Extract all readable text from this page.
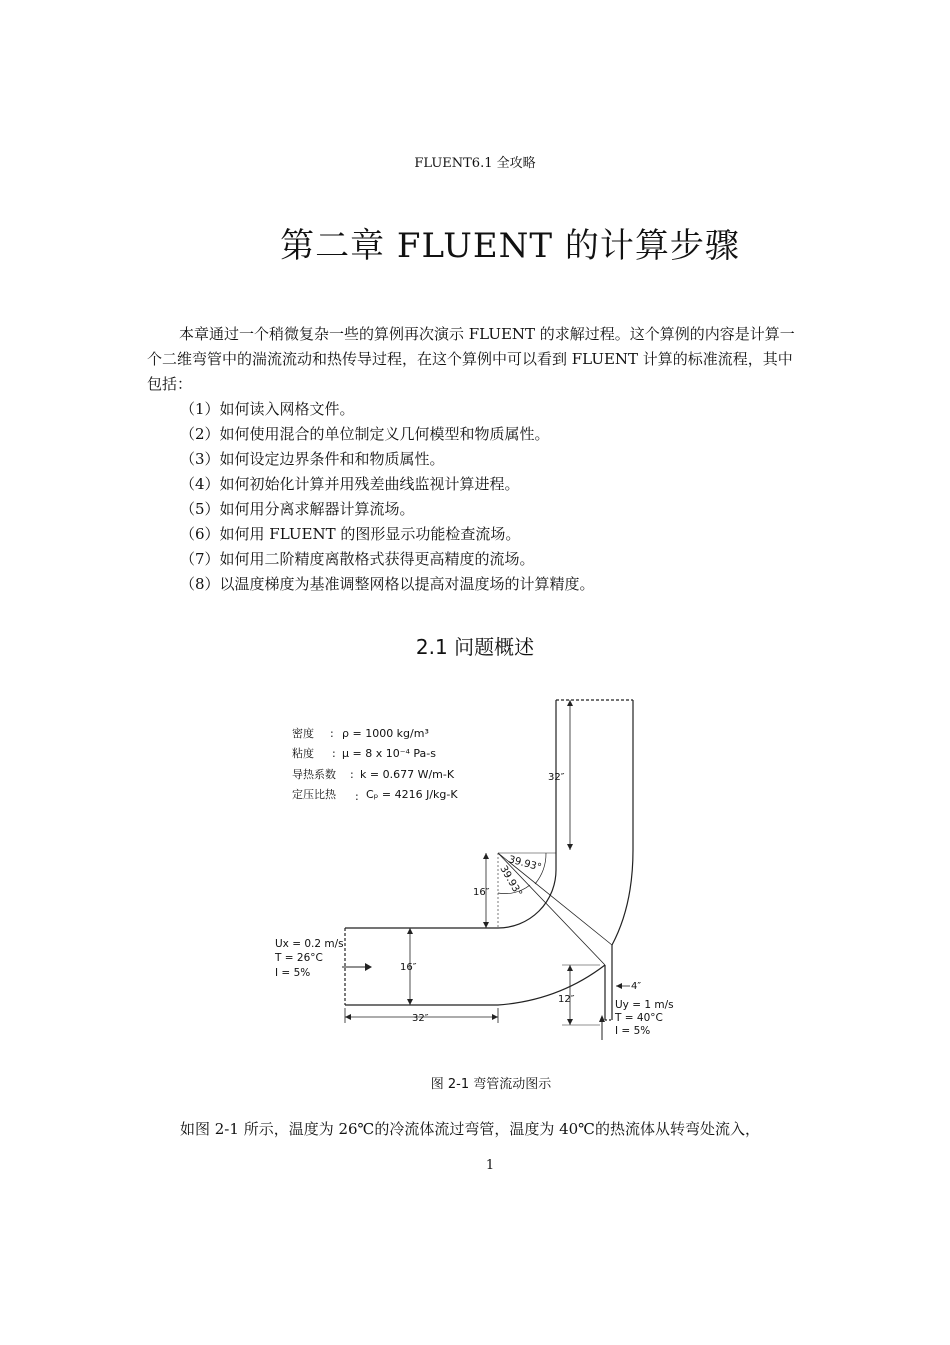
FLUENT6.1 全攻略
第二章 FLUENT 的计算步骤

本章通过一个稍微复杂一些的算例再次演示 FLUENT 的求解过程。这个算例的内容是计算一个二维弯管中的湍流流动和热传导过程，在这个算例中可以看到 FLUENT 计算的标准流程，其中包括：

（1）如何读入网格文件。
（2）如何使用混合的单位制定义几何模型和物质属性。
（3）如何设定边界条件和和物质属性。
（4）如何初始化计算并用残差曲线监视计算进程。
（5）如何用分离求解器计算流场。
（6）如何用 FLUENT 的图形显示功能检查流场。
（7）如何用二阶精度离散格式获得更高精度的流场。
（8）以温度梯度为基准调整网格以提高对温度场的计算精度。
2.1 问题概述
密度 : ρ = 1000 kg/m³
粘度 : μ = 8 x 10⁻⁴ Pa-s
导热系数 : k = 0.677 W/m-K
定压比热 : Cₚ = 4216 J/kg-K
32″
16″
16″
32″
12″
4″
39.93°
39.93°
Ux = 0.2 m/s
T = 26°C
I = 5%
Uy = 1 m/s
T = 40°C
I = 5%
图 2-1 弯管流动图示

如图 2-1 所示，温度为 26℃的冷流体流过弯管，温度为 40℃的热流体从转弯处流入，

1
